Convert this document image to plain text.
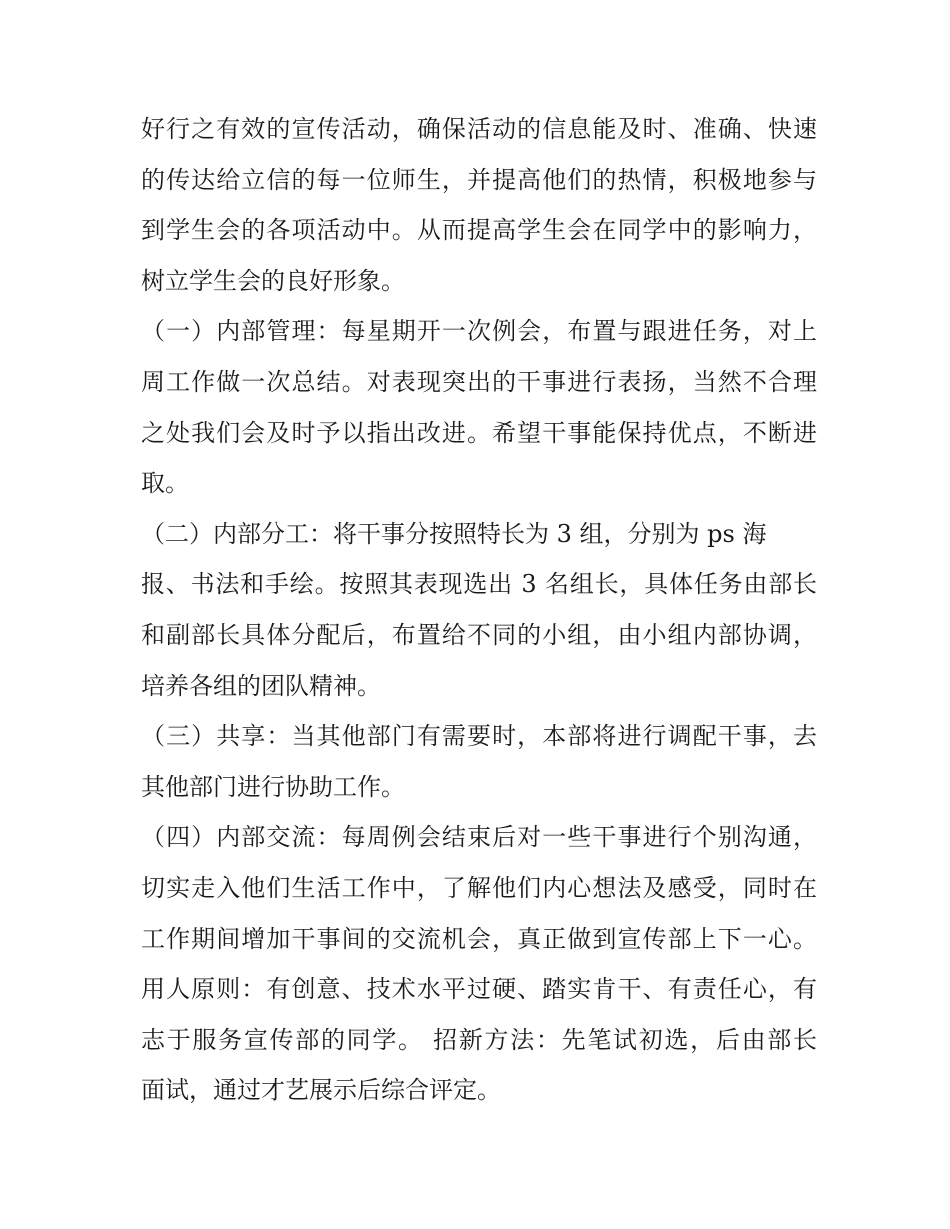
好行之有效的宣传活动，确保活动的信息能及时、准确、快速
的传达给立信的每一位师生，并提高他们的热情，积极地参与
到学生会的各项活动中。从而提高学生会在同学中的影响力，
树立学生会的良好形象。
（一）内部管理：每星期开一次例会，布置与跟进任务，对上
周工作做一次总结。对表现突出的干事进行表扬，当然不合理
之处我们会及时予以指出改进。希望干事能保持优点，不断进
取。
（二）内部分工：将干事分按照特长为 3 组，分别为 ps 海
报、书法和手绘。按照其表现选出 3 名组长，具体任务由部长
和副部长具体分配后，布置给不同的小组，由小组内部协调，
培养各组的团队精神。
（三）共享：当其他部门有需要时，本部将进行调配干事，去
其他部门进行协助工作。
（四）内部交流：每周例会结束后对一些干事进行个别沟通，
切实走入他们生活工作中，了解他们内心想法及感受，同时在
工作期间增加干事间的交流机会，真正做到宣传部上下一心。
用人原则：有创意、技术水平过硬、踏实肯干、有责任心，有
志于服务宣传部的同学。 招新方法：先笔试初选，后由部长
面试，通过才艺展示后综合评定。
